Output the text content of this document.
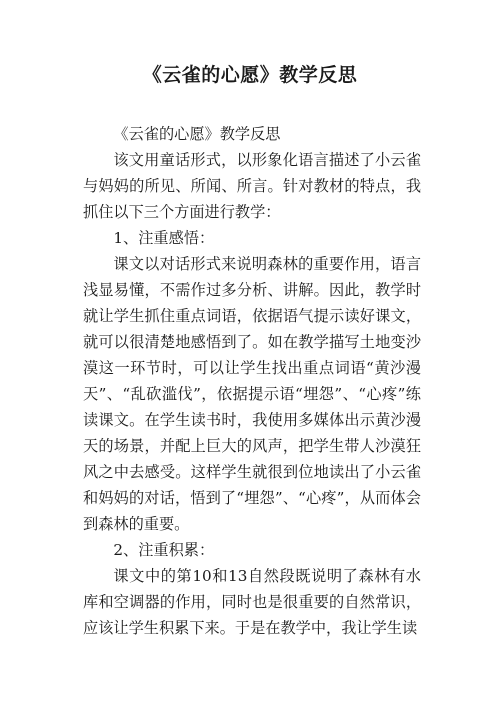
《云雀的心愿》教学反思

《云雀的心愿》教学反思

该文用童话形式，以形象化语言描述了小云雀与妈妈的所见、所闻、所言。针对教材的特点，我抓住以下三个方面进行教学：

1、注重感悟：

课文以对话形式来说明森林的重要作用，语言浅显易懂，不需作过多分析、讲解。因此，教学时就让学生抓住重点词语，依据语气提示读好课文，就可以很清楚地感悟到了。如在教学描写土地变沙漠这一环节时，可以让学生找出重点词语“黄沙漫天”、“乱砍滥伐”，依据提示语“埋怨”、“心疼”练读课文。在学生读书时，我使用多媒体出示黄沙漫天的场景，并配上巨大的风声，把学生带人沙漠狂风之中去感受。这样学生就很到位地读出了小云雀和妈妈的对话，悟到了“埋怨”、“心疼”，从而体会到森林的重要。

2、注重积累：

课文中的第10和13自然段既说明了森林有水库和空调器的作用，同时也是很重要的自然常识，应该让学生积累下来。于是在教学中，我让学生读
